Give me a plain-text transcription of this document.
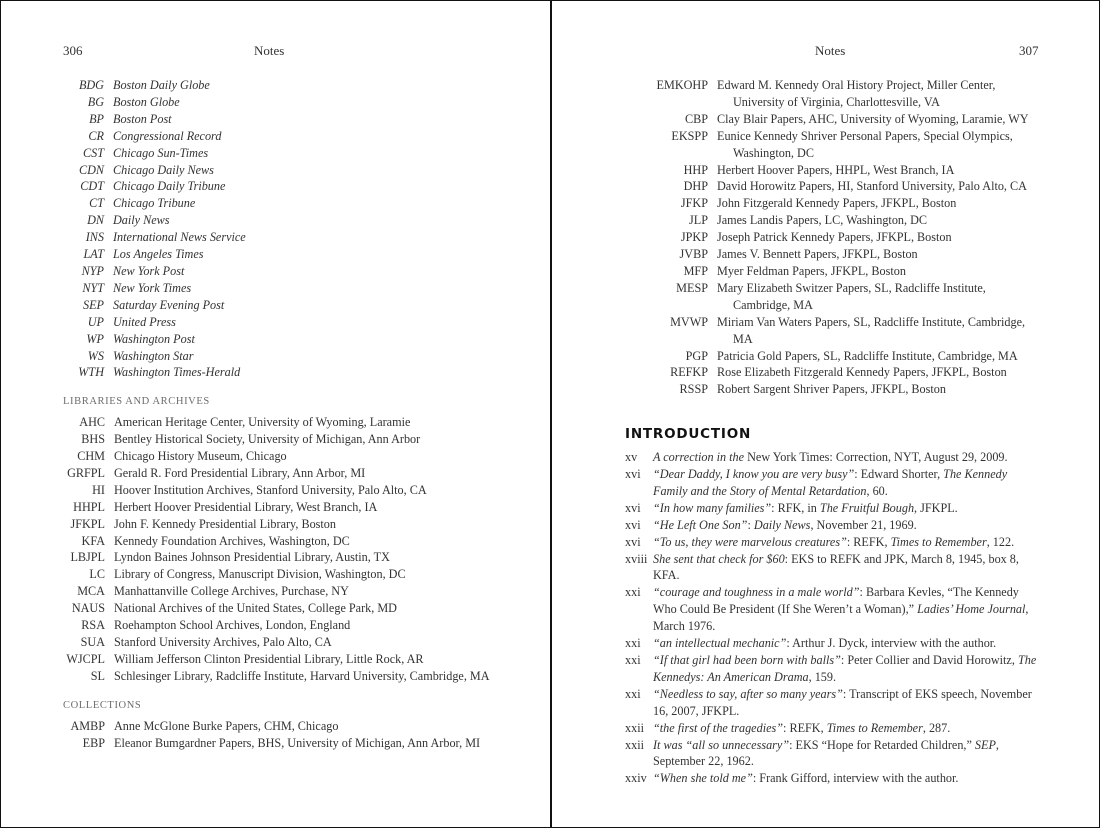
306	Notes
BDG Boston Daily Globe
BG Boston Globe
BP Boston Post
CR Congressional Record
CST Chicago Sun-Times
CDN Chicago Daily News
CDT Chicago Daily Tribune
CT Chicago Tribune
DN Daily News
INS International News Service
LAT Los Angeles Times
NYP New York Post
NYT New York Times
SEP Saturday Evening Post
UP United Press
WP Washington Post
WS Washington Star
WTH Washington Times-Herald
LIBRARIES AND ARCHIVES
AHC American Heritage Center, University of Wyoming, Laramie
BHS Bentley Historical Society, University of Michigan, Ann Arbor
CHM Chicago History Museum, Chicago
GRFPL Gerald R. Ford Presidential Library, Ann Arbor, MI
HI Hoover Institution Archives, Stanford University, Palo Alto, CA
HHPL Herbert Hoover Presidential Library, West Branch, IA
JFKPL John F. Kennedy Presidential Library, Boston
KFA Kennedy Foundation Archives, Washington, DC
LBJPL Lyndon Baines Johnson Presidential Library, Austin, TX
LC Library of Congress, Manuscript Division, Washington, DC
MCA Manhattanville College Archives, Purchase, NY
NAUS National Archives of the United States, College Park, MD
RSA Roehampton School Archives, London, England
SUA Stanford University Archives, Palo Alto, CA
WJCPL William Jefferson Clinton Presidential Library, Little Rock, AR
SL Schlesinger Library, Radcliffe Institute, Harvard University, Cambridge, MA
COLLECTIONS
AMBP Anne McGlone Burke Papers, CHM, Chicago
EBP Eleanor Bumgardner Papers, BHS, University of Michigan, Ann Arbor, MI
Notes	307
EMKOHP Edward M. Kennedy Oral History Project, Miller Center, University of Virginia, Charlottesville, VA
CBP Clay Blair Papers, AHC, University of Wyoming, Laramie, WY
EKSPP Eunice Kennedy Shriver Personal Papers, Special Olympics, Washington, DC
HHP Herbert Hoover Papers, HHPL, West Branch, IA
DHP David Horowitz Papers, HI, Stanford University, Palo Alto, CA
JFKP John Fitzgerald Kennedy Papers, JFKPL, Boston
JLP James Landis Papers, LC, Washington, DC
JPKP Joseph Patrick Kennedy Papers, JFKPL, Boston
JVBP James V. Bennett Papers, JFKPL, Boston
MFP Myer Feldman Papers, JFKPL, Boston
MESP Mary Elizabeth Switzer Papers, SL, Radcliffe Institute, Cambridge, MA
MVWP Miriam Van Waters Papers, SL, Radcliffe Institute, Cambridge, MA
PGP Patricia Gold Papers, SL, Radcliffe Institute, Cambridge, MA
REFKP Rose Elizabeth Fitzgerald Kennedy Papers, JFKPL, Boston
RSSP Robert Sargent Shriver Papers, JFKPL, Boston
INTRODUCTION
xv	A correction in the New York Times: Correction, NYT, August 29, 2009.
xvi	“Dear Daddy, I know you are very busy”: Edward Shorter, The Kennedy Family and the Story of Mental Retardation, 60.
xvi	“In how many families”: RFK, in The Fruitful Bough, JFKPL.
xvi	“He Left One Son”: Daily News, November 21, 1969.
xvi	“To us, they were marvelous creatures”: REFK, Times to Remember, 122.
xviii She sent that check for $60: EKS to REFK and JPK, March 8, 1945, box 8, KFA.
xxi	“courage and toughness in a male world”: Barbara Kevles, “The Kennedy Who Could Be President (If She Weren’t a Woman),” Ladies’ Home Journal, March 1976.
xxi	“an intellectual mechanic”: Arthur J. Dyck, interview with the author.
xxi	“If that girl had been born with balls”: Peter Collier and David Horowitz, The Kennedys: An American Drama, 159.
xxi	“Needless to say, after so many years”: Transcript of EKS speech, November 16, 2007, JFKPL.
xxii “the first of the tragedies”: REFK, Times to Remember, 287.
xxii It was “all so unnecessary”: EKS “Hope for Retarded Children,” SEP, September 22, 1962.
xxiv “When she told me”: Frank Gifford, interview with the author.
